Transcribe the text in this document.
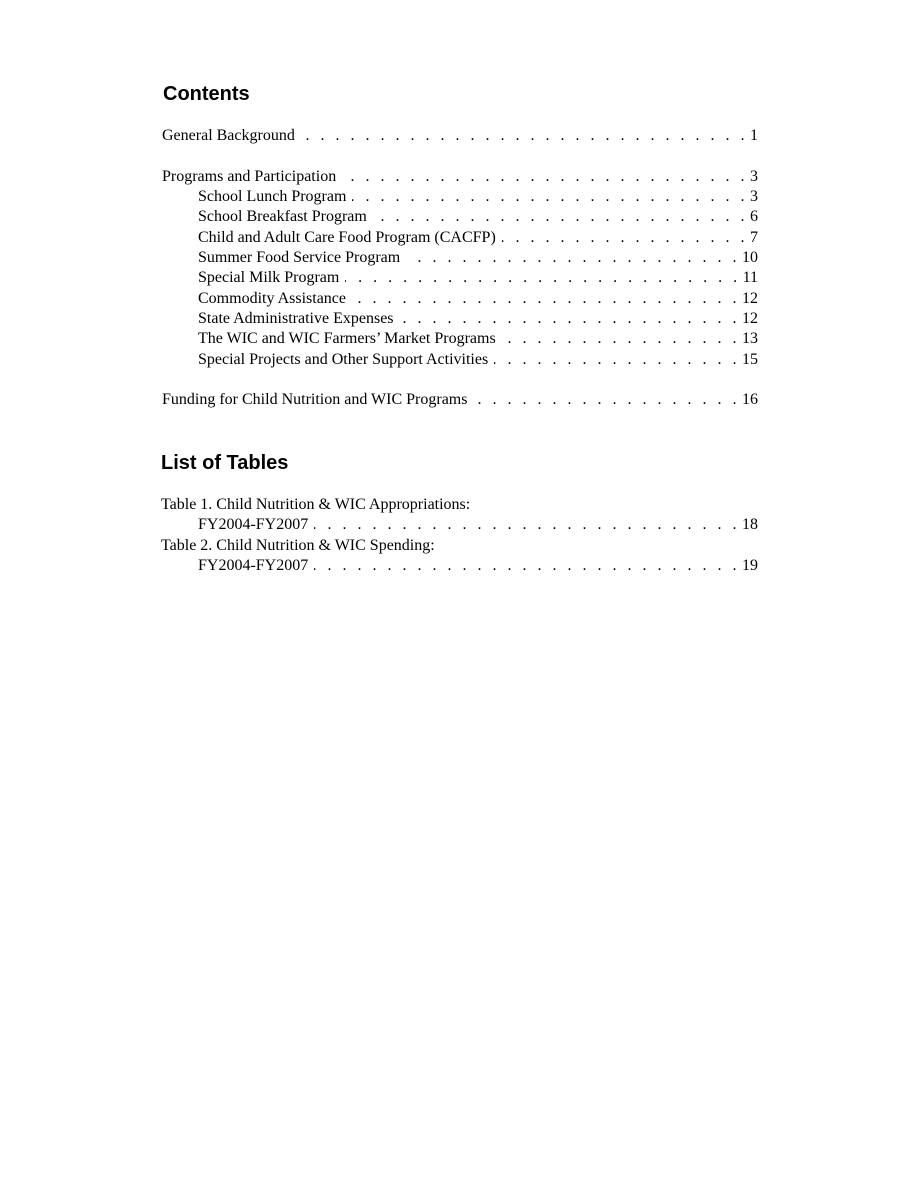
Contents
General Background . . .	1
Programs and Participation . . .	3
School Lunch Program . . .	3
School Breakfast Program . . .	6
Child and Adult Care Food Program (CACFP) . . .	7
Summer Food Service Program . . .	10
Special Milk Program . . .	11
Commodity Assistance . . .	12
State Administrative Expenses . . .	12
The WIC and WIC Farmers’ Market Programs . . .	13
Special Projects and Other Support Activities . . .	15
Funding for Child Nutrition and WIC Programs . . .	16
List of Tables
Table 1. Child Nutrition & WIC Appropriations:
FY2004-FY2007 . . .	18
Table 2. Child Nutrition & WIC Spending:
FY2004-FY2007 . . .	19
